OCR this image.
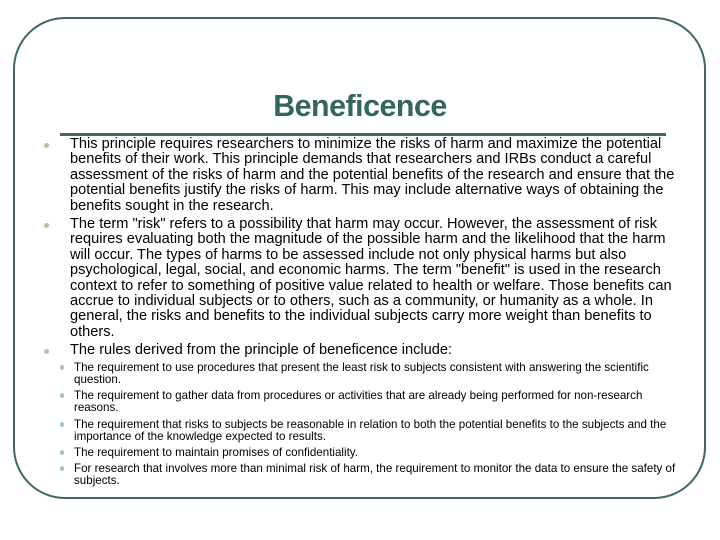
Beneficence
This principle requires researchers to minimize the risks of harm and maximize the potential benefits of their work. This principle demands that researchers and IRBs conduct a careful assessment of the risks of harm and the potential benefits of the research and ensure that the potential benefits justify the risks of harm. This may include alternative ways of obtaining the benefits sought in the research.
The term "risk" refers to a possibility that harm may occur. However, the assessment of risk requires evaluating both the magnitude of the possible harm and the likelihood that the harm will occur. The types of harms to be assessed include not only physical harms but also psychological, legal, social, and economic harms. The term "benefit" is used in the research context to refer to something of positive value related to health or welfare. Those benefits can accrue to individual subjects or to others, such as a community, or humanity as a whole. In general, the risks and benefits to the individual subjects carry more weight than benefits to others.
The rules derived from the principle of beneficence include:
The requirement to use procedures that present the least risk to subjects consistent with answering the scientific question.
The requirement to gather data from procedures or activities that are already being performed for non-research reasons.
The requirement that risks to subjects be reasonable in relation to both the potential benefits to the subjects and the importance of the knowledge expected to results.
The requirement to maintain promises of confidentiality.
For research that involves more than minimal risk of harm, the requirement to monitor the data to ensure the safety of subjects.
